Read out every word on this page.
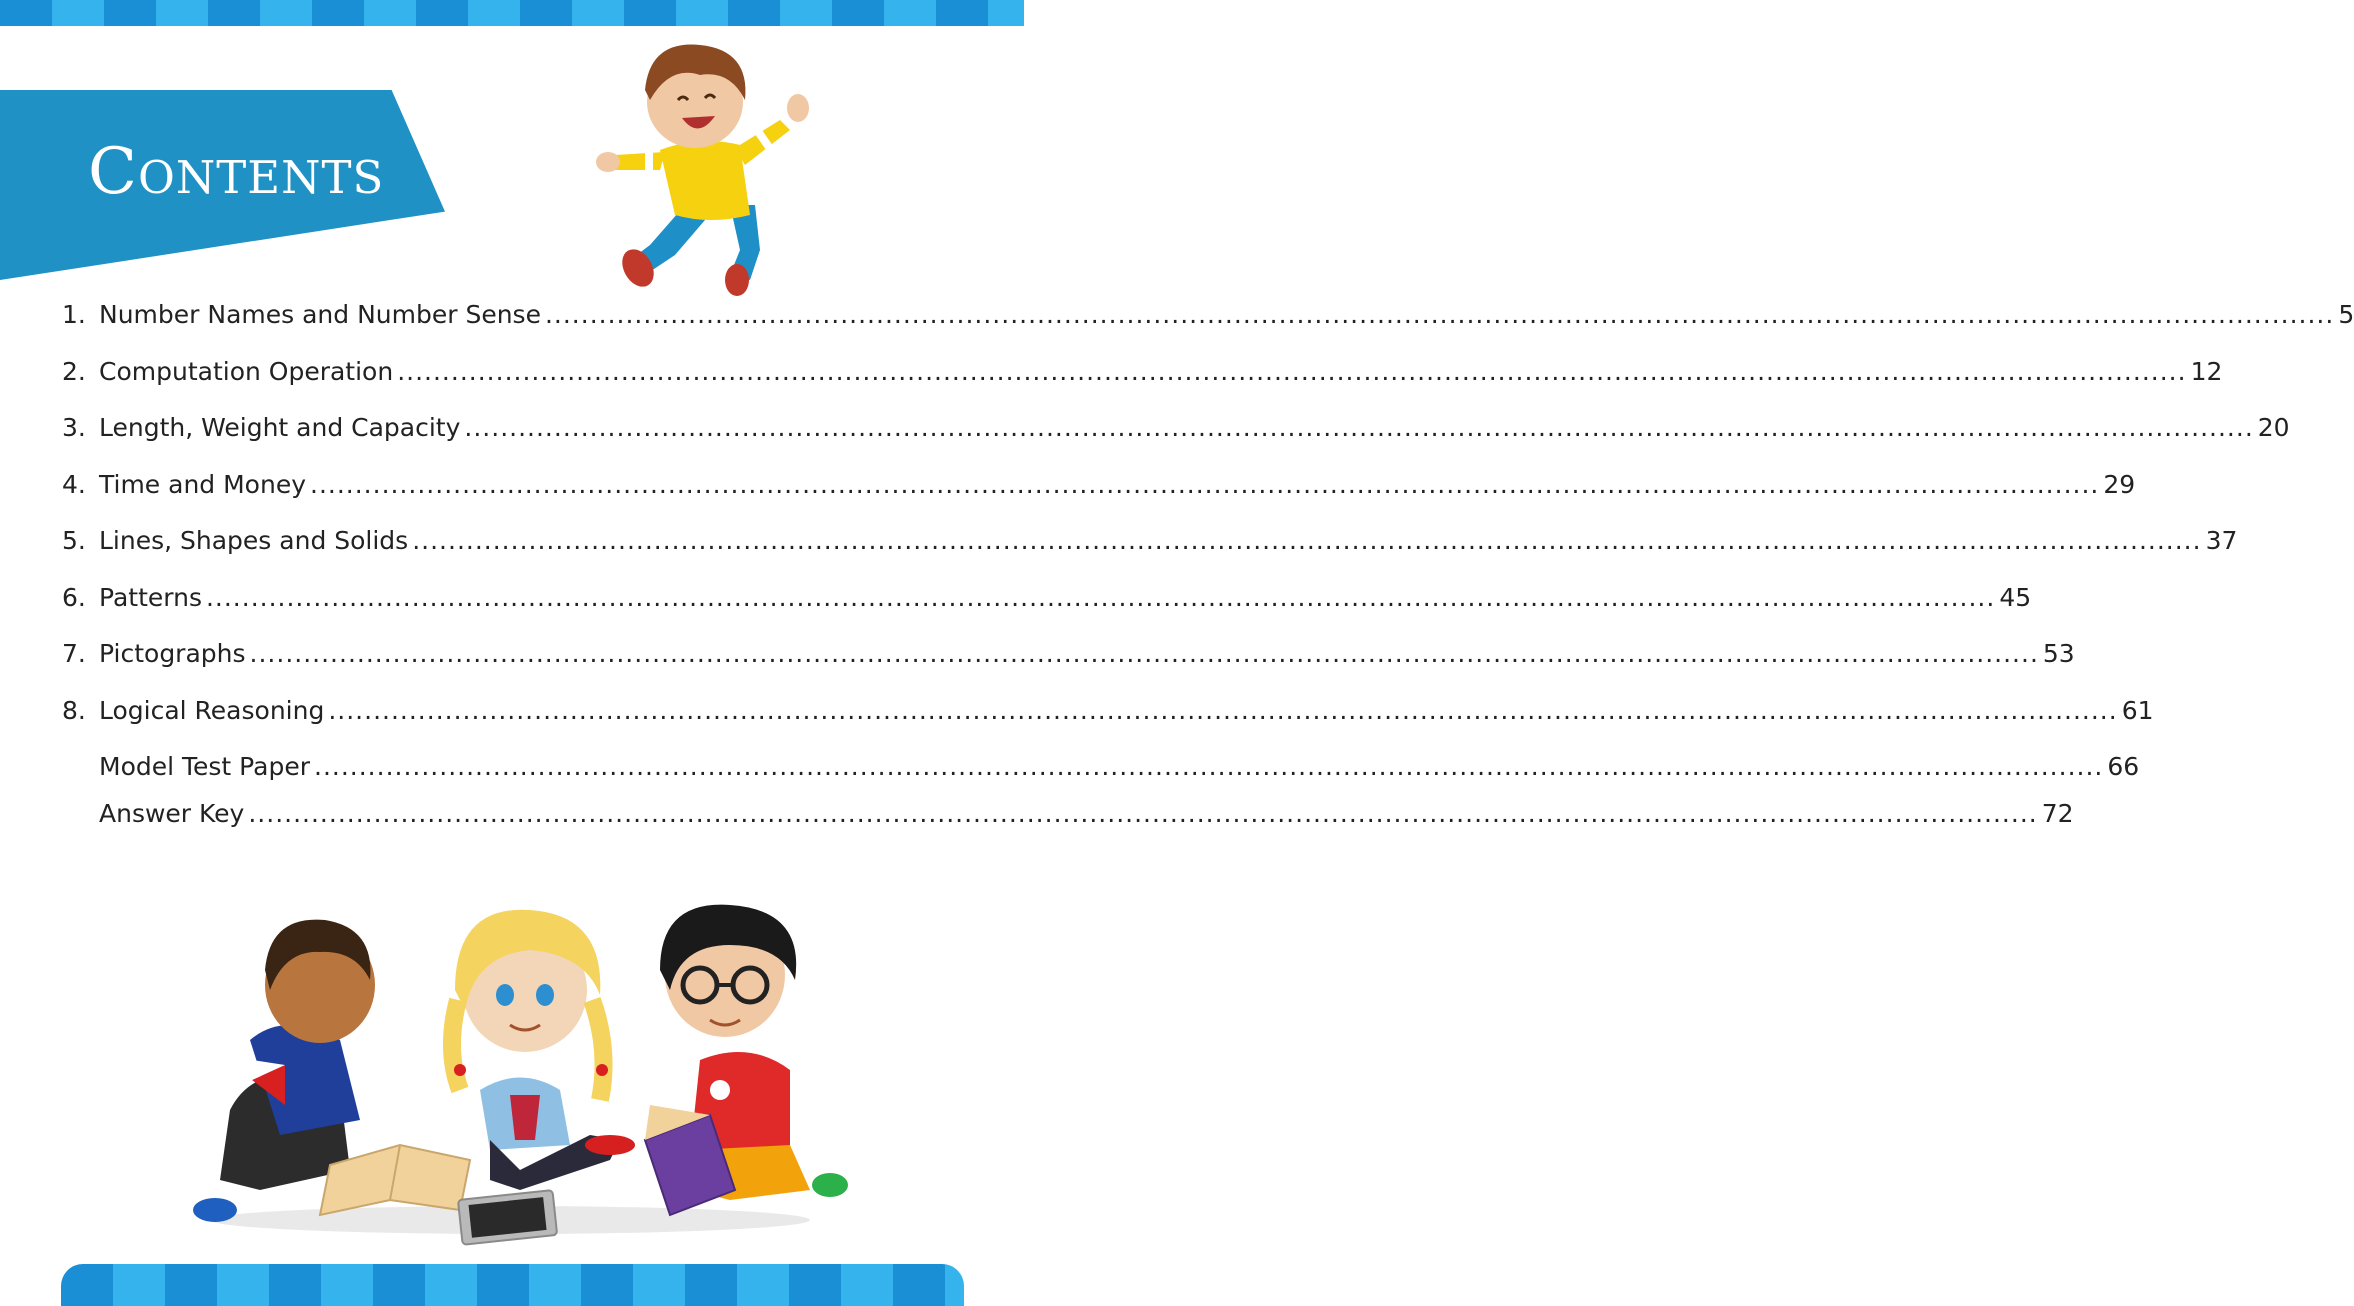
Contents
1. Number Names and Number Sense ........................................................................................................................................................................................................ 5
2. Computation Operation ........................................................................................................................................................................................................ 12
3. Length, Weight and Capacity ........................................................................................................................................................................................................ 20
4. Time and Money ........................................................................................................................................................................................................ 29
5. Lines, Shapes and Solids ........................................................................................................................................................................................................ 37
6. Patterns ........................................................................................................................................................................................................ 45
7. Pictographs ........................................................................................................................................................................................................ 53
8. Logical Reasoning ........................................................................................................................................................................................................ 61
Model Test Paper ........................................................................................................................................................................................................ 66
Answer Key ........................................................................................................................................................................................................ 72
